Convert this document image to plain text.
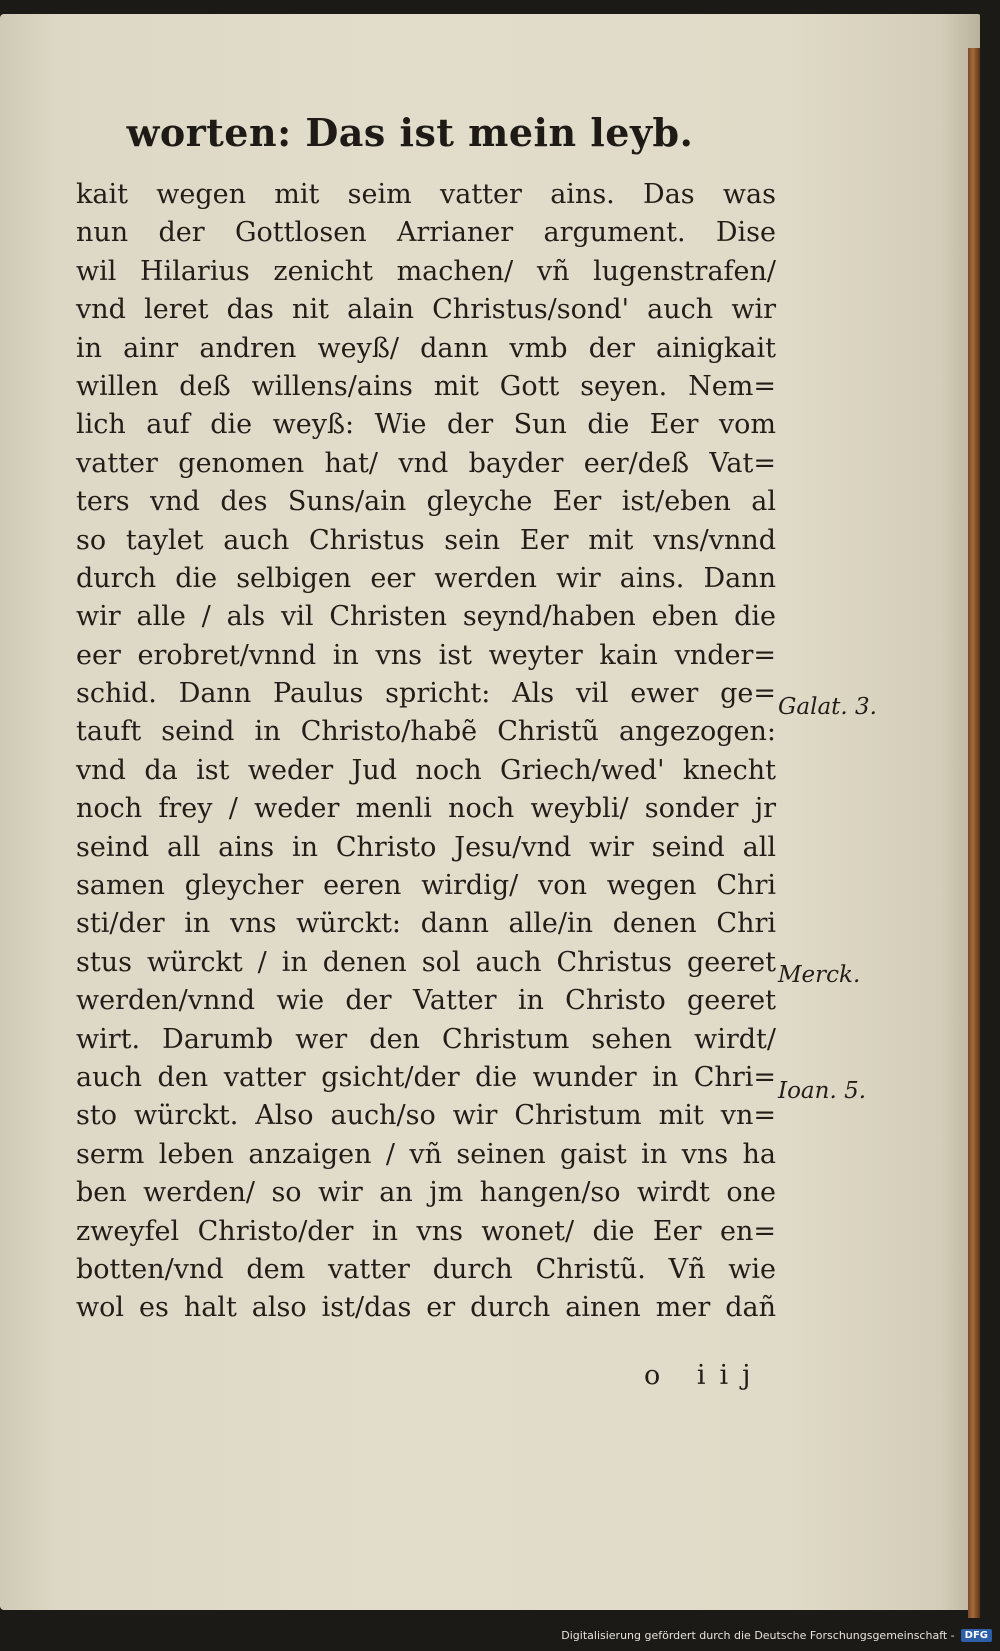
worten: Das ist mein leyb.
kait wegen mit seim vatter ains. Das was
nun der Gottlosen Arrianer argument. Dise
wil Hilarius zenicht machen/ vñ lugenstrafen/
vnd leret das nit alain Christus/sond' auch wir
in ainr andren weyß/ dann vmb der ainigkait
willen deß willens/ains mit Gott seyen. Nem=
lich auf die weyß: Wie der Sun die Eer vom
vatter genomen hat/ vnd bayder eer/deß Vat=
ters vnd des Suns/ain gleyche Eer ist/eben al
so taylet auch Christus sein Eer mit vns/vnnd
durch die selbigen eer werden wir ains. Dann
wir alle / als vil Christen seynd/haben eben die
eer erobret/vnnd in vns ist weyter kain vnder=
schid. Dann Paulus spricht: Als vil ewer ge=
tauft seind in Christo/habẽ Christũ angezogen:
vnd da ist weder Jud noch Griech/wed' knecht
noch frey / weder menli noch weybli/ sonder jr
seind all ains in Christo Jesu/vnd wir seind all
samen gleycher eeren wirdig/ von wegen Chri
sti/der in vns würckt: dann alle/in denen Chri
stus würckt / in denen sol auch Christus geeret
werden/vnnd wie der Vatter in Christo geeret
wirt. Darumb wer den Christum sehen wirdt/
auch den vatter gsicht/der die wunder in Chri=
sto würckt. Also auch/so wir Christum mit vn=
serm leben anzaigen / vñ seinen gaist in vns ha
ben werden/ so wir an jm hangen/so wirdt one
zweyfel Christo/der in vns wonet/ die Eer en=
botten/vnd dem vatter durch Christũ. Vñ wie
wol es halt also ist/das er durch ainen mer dañ
Galat. 3.
Merck.
Ioan. 5.
o iij
Digitalisierung gefördert durch die Deutsche Forschungsgemeinschaft -	DFG
